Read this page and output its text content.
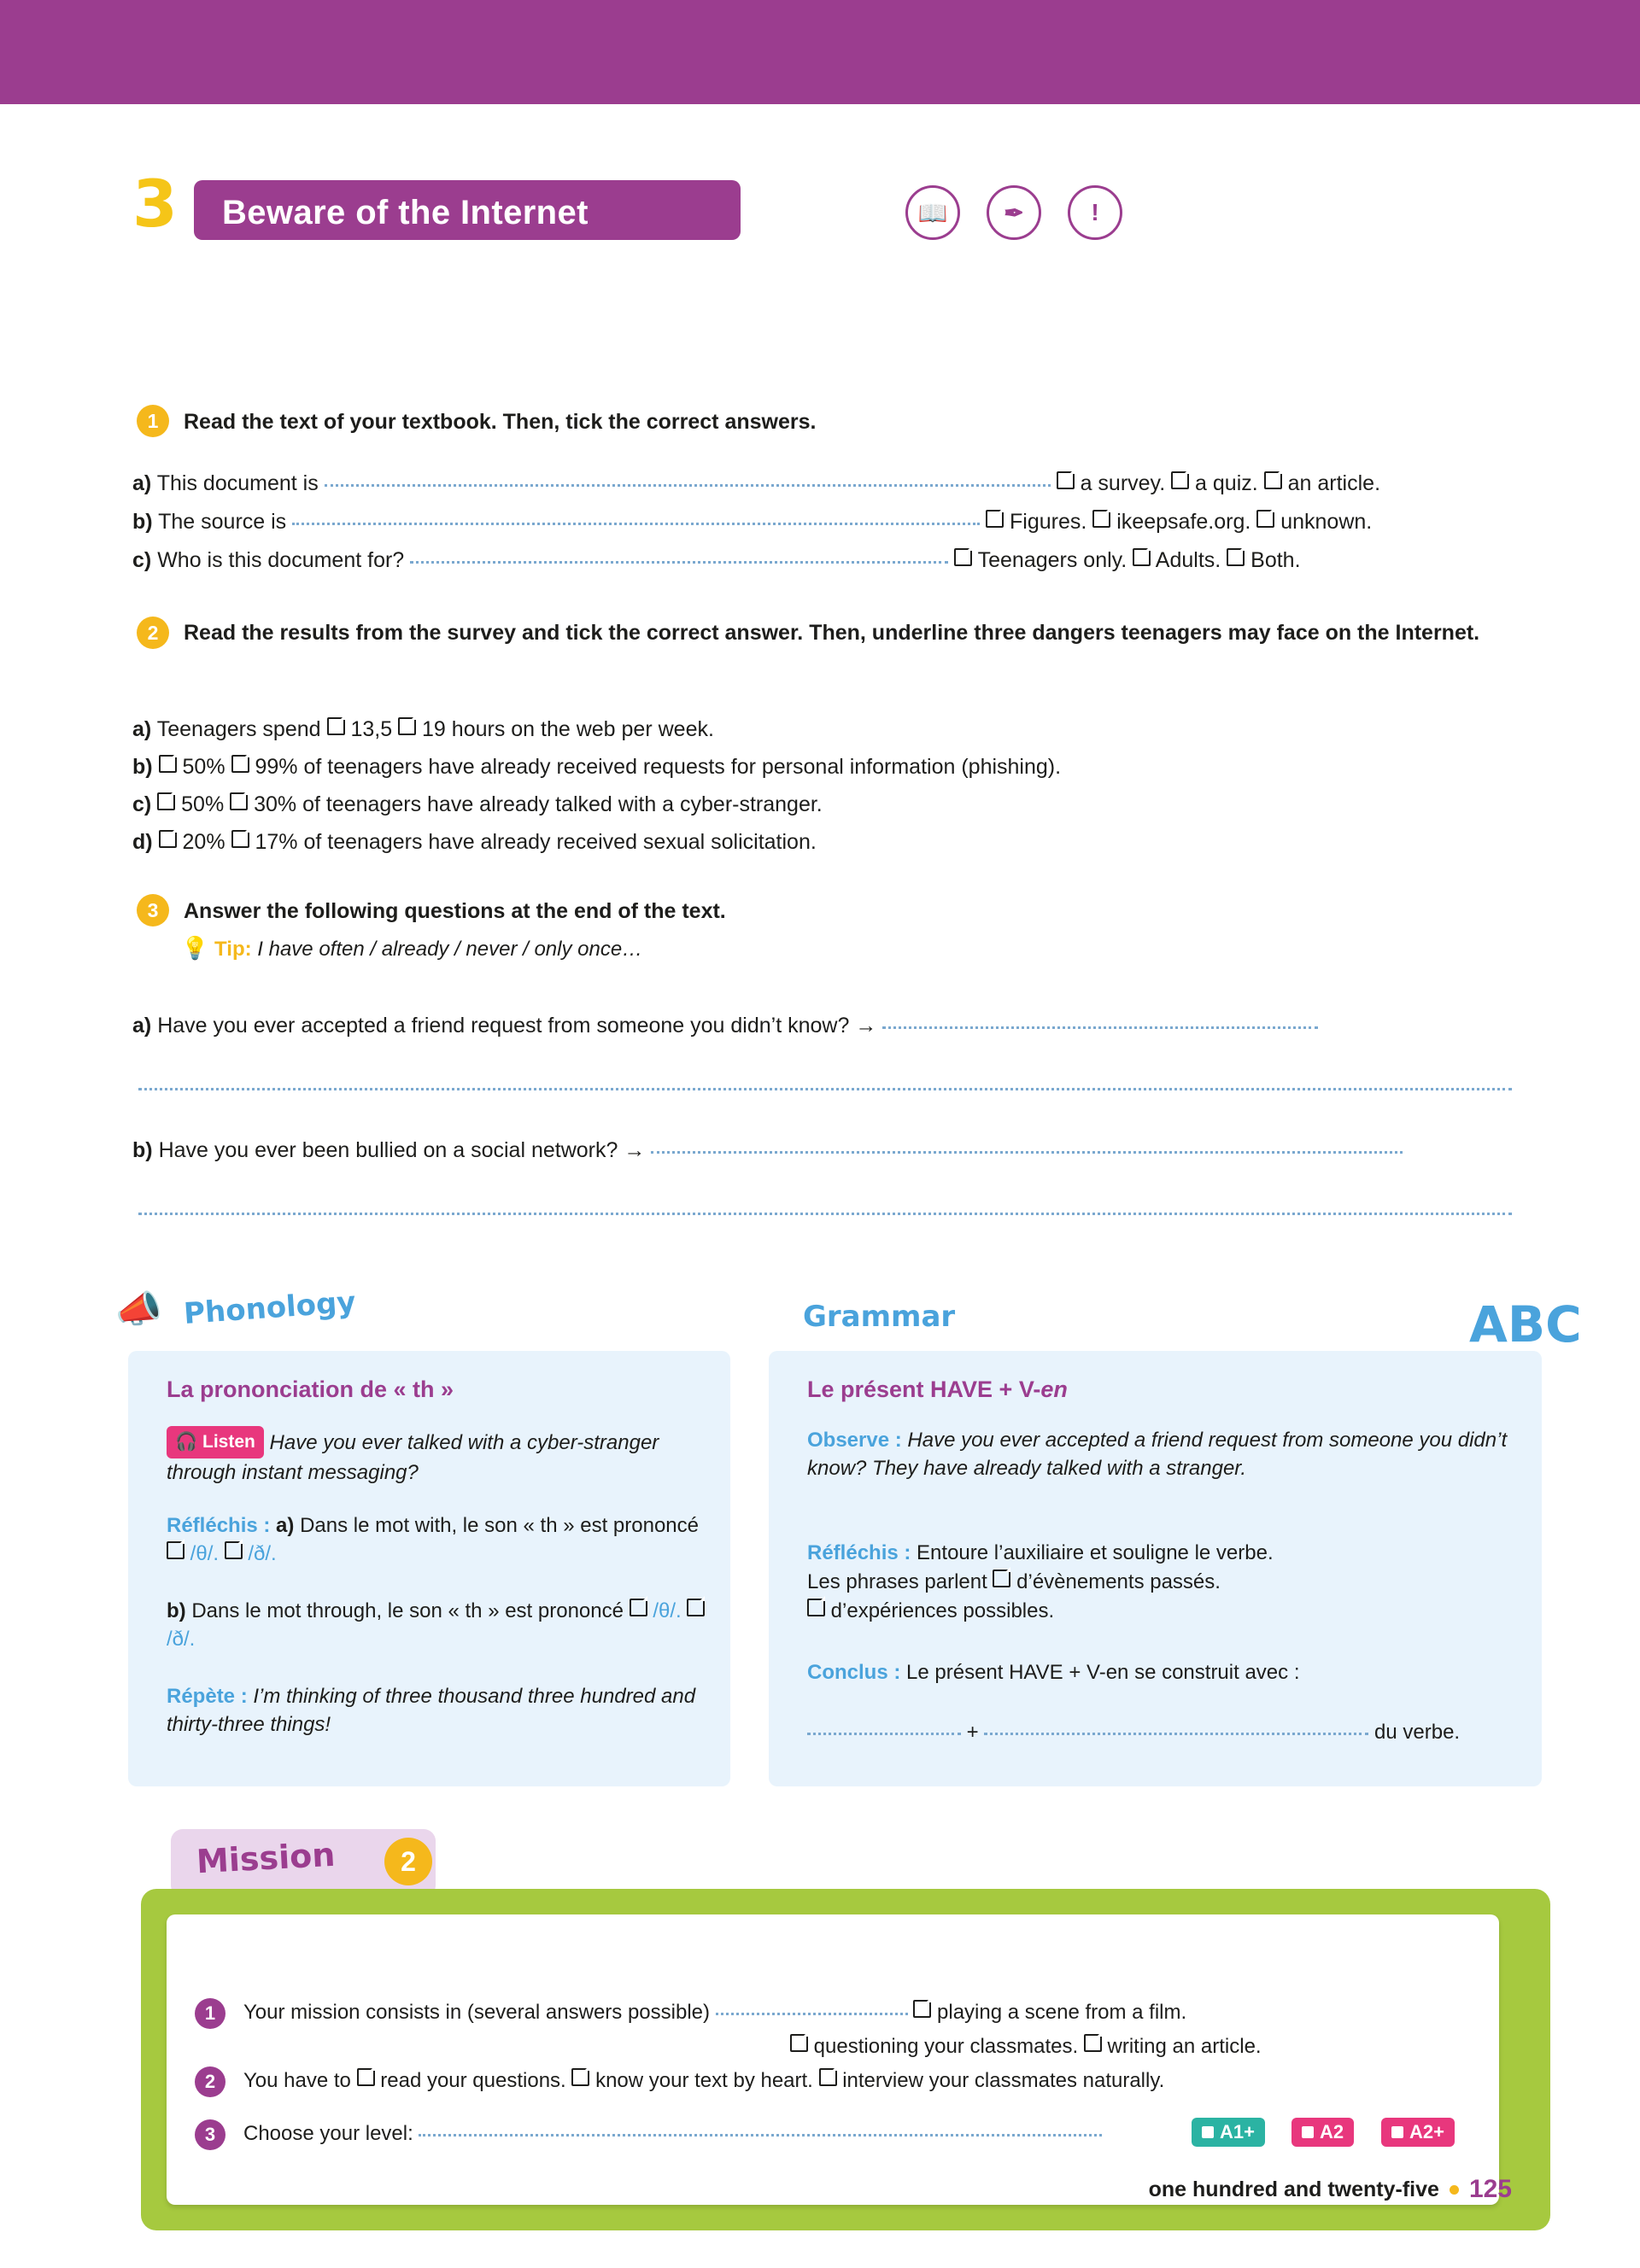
3 Beware of the Internet	📖	✒	!
1	Read the text of your textbook. Then, tick the correct answers.
a) This document is	a survey. a quiz. an article.
b) The source is	Figures. ikeepsafe.org. unknown.
c) Who is this document for?	Teenagers only. Adults. Both.
2	Read the results from the survey and tick the correct answer. Then, underline three dangers teenagers may face on the Internet.
a) Teenagers spend 13,5 19 hours on the web per week.
b) 50% 99% of teenagers have already received requests for personal information (phishing).
c) 50% 30% of teenagers have already talked with a cyber-stranger.
d) 20% 17% of teenagers have already received sexual solicitation.
3	Answer the following questions at the end of the text.
💡 Tip: I have often / already / never / only once…
a) Have you ever accepted a friend request from someone you didn’t know? →
b) Have you ever been bullied on a social network? →
📣 Phonology
La prononciation de « th »
🎧 Listen Have you ever talked with a cyber-stranger through instant messaging?
Réfléchis : a) Dans le mot with, le son « th » est prononcé  /θ/. /ð/.
b) Dans le mot through, le son « th » est prononcé /θ/.  /ð/.
Répète : I’m thinking of three thousand three hundred and thirty-three things!
Grammar	ABC
Le présent HAVE + V-en
Observe : Have you ever accepted a friend request from someone you didn’t know? They have already talked with a stranger.
Réfléchis : Entoure l’auxiliaire et souligne le verbe.
Les phrases parlent d’évènements passés.
d’expériences possibles.
Conclus : Le présent HAVE + V-en se construit avec :
+	du verbe.
Mission	2
1	Your mission consists in (several answers possible)	playing a scene from a film.
questioning your classmates. writing an article.
2	You have to read your questions. know your text by heart. interview your classmates naturally.
3	Choose your level:	A1+	A2	A2+
one hundred and twenty-five 125
